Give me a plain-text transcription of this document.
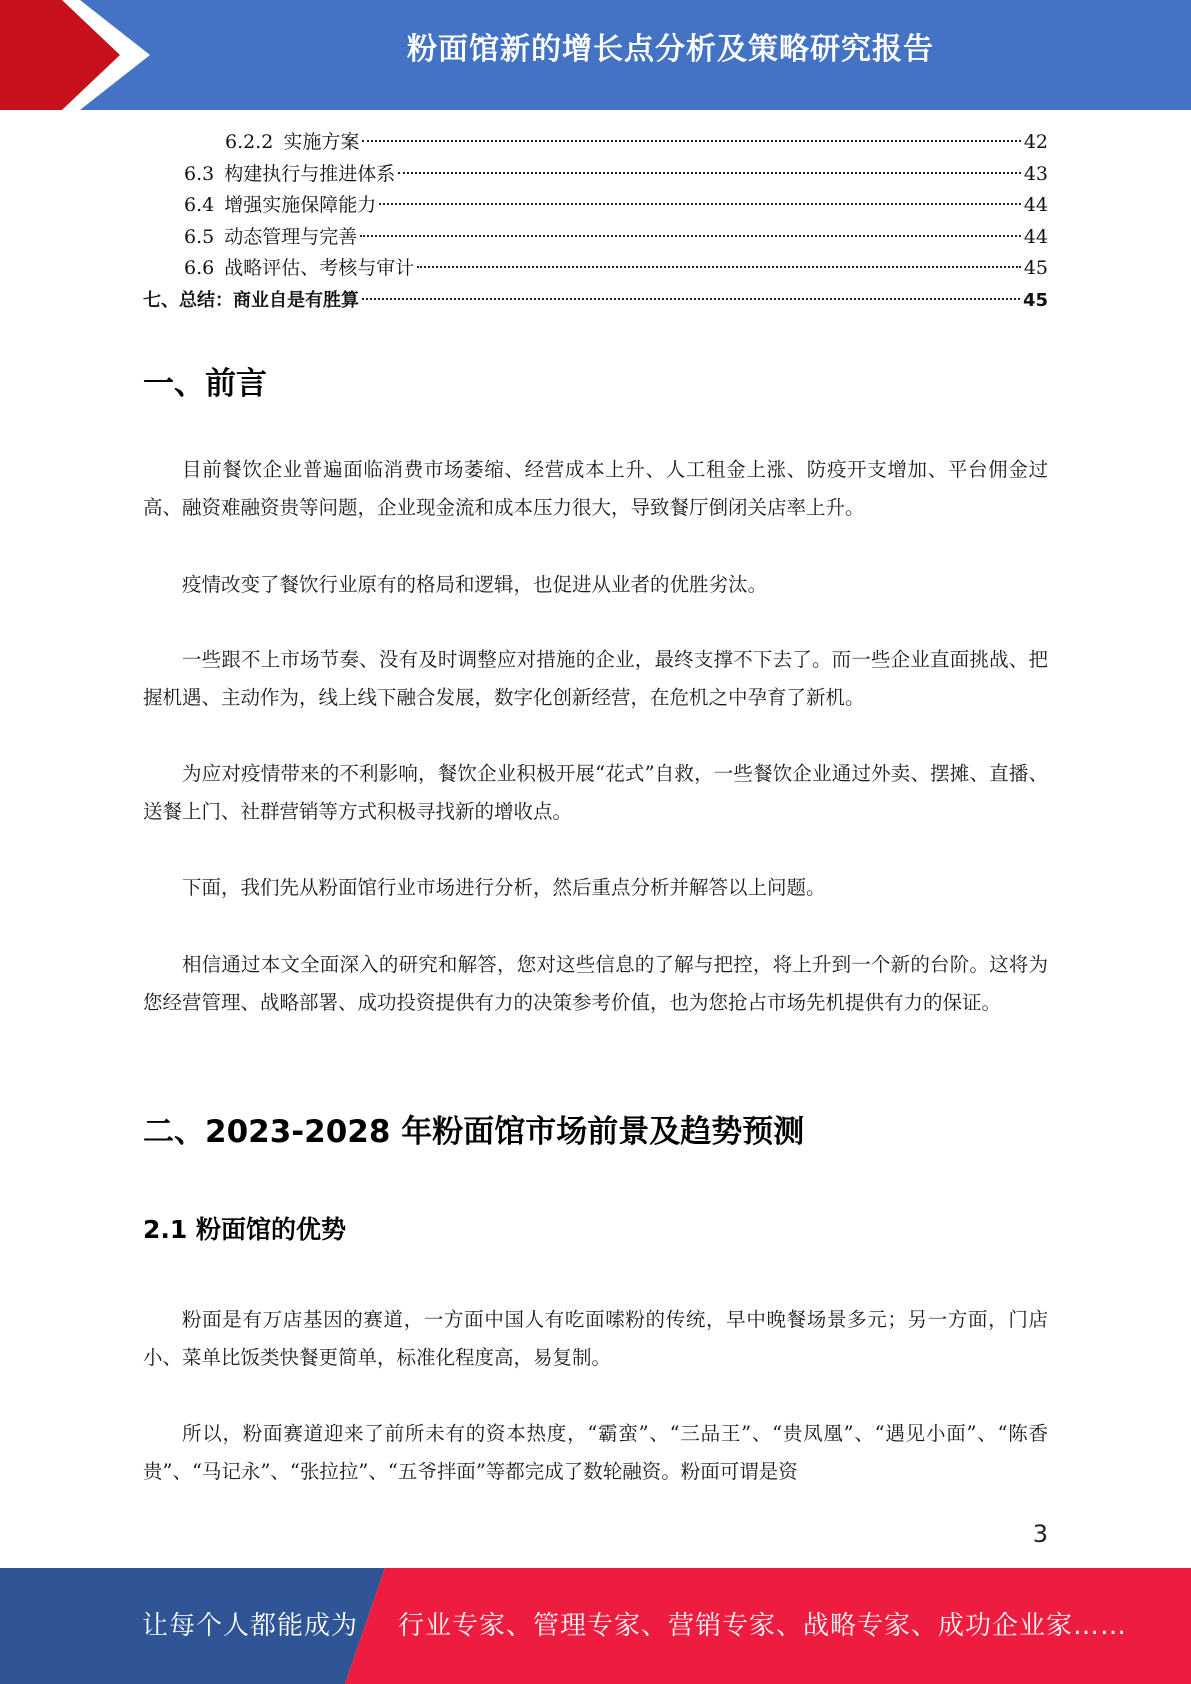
粉面馆新的增长点分析及策略研究报告
6.2.2 实施方案	42
6.3 构建执行与推进体系	43
6.4 增强实施保障能力	44
6.5 动态管理与完善	44
6.6 战略评估、考核与审计	45
七、总结：商业自是有胜算	45
一、前言

目前餐饮企业普遍面临消费市场萎缩、经营成本上升、人工租金上涨、防疫开支增加、平台佣金过高、融资难融资贵等问题，企业现金流和成本压力很大，导致餐厅倒闭关店率上升。

疫情改变了餐饮行业原有的格局和逻辑，也促进从业者的优胜劣汰。

一些跟不上市场节奏、没有及时调整应对措施的企业，最终支撑不下去了。而一些企业直面挑战、把握机遇、主动作为，线上线下融合发展，数字化创新经营，在危机之中孕育了新机。

为应对疫情带来的不利影响，餐饮企业积极开展“花式”自救，一些餐饮企业通过外卖、摆摊、直播、送餐上门、社群营销等方式积极寻找新的增收点。

下面，我们先从粉面馆行业市场进行分析，然后重点分析并解答以上问题。

相信通过本文全面深入的研究和解答，您对这些信息的了解与把控，将上升到一个新的台阶。这将为您经营管理、战略部署、成功投资提供有力的决策参考价值，也为您抢占市场先机提供有力的保证。

二、2023-2028 年粉面馆市场前景及趋势预测
2.1 粉面馆的优势

粉面是有万店基因的赛道，一方面中国人有吃面嗦粉的传统，早中晚餐场景多元；另一方面，门店小、菜单比饭类快餐更简单，标准化程度高，易复制。

所以，粉面赛道迎来了前所未有的资本热度，“霸蛮”、“三品王”、“贵凤凰”、“遇见小面”、“陈香贵”、“马记永”、“张拉拉”、“五爷拌面”等都完成了数轮融资。粉面可谓是资

3
让每个人都能成为 行业专家、管理专家、营销专家、战略专家、成功企业家……
